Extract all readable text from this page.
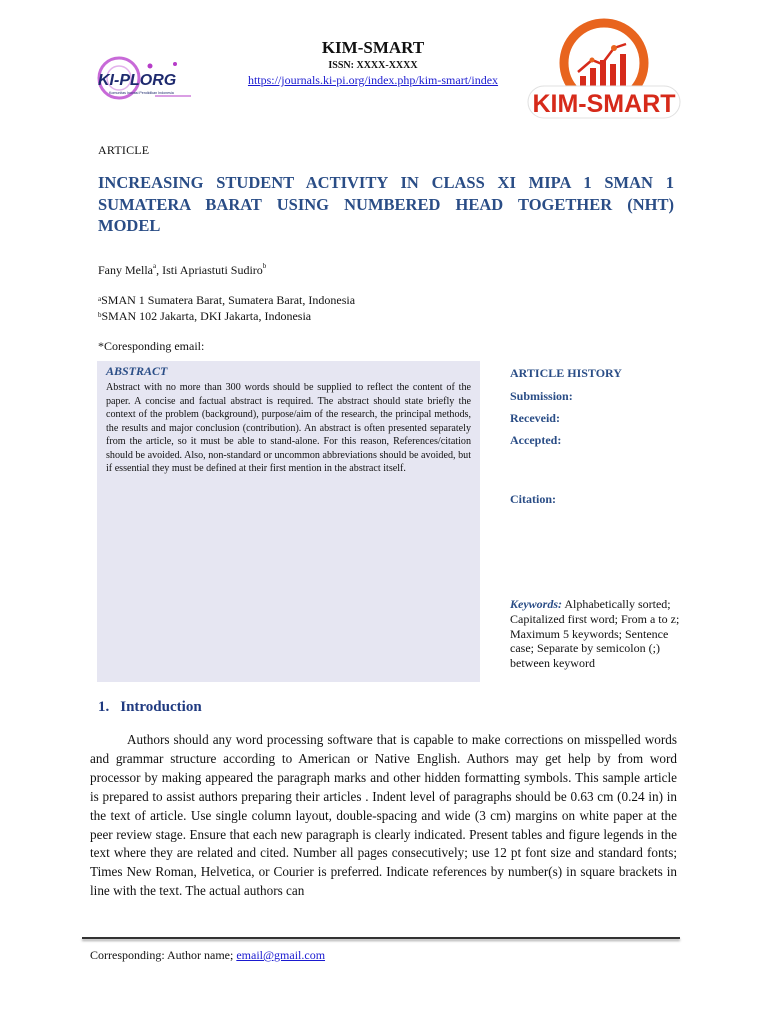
KI-PLORG
Komunitas Inovasi Pendidikan Indonesia
KIM-SMART
ISSN: XXXX-XXXX
https://journals.ki-pi.org/index.php/kim-smart/index
KIM-SMART
ARTICLE
INCREASING STUDENT ACTIVITY IN CLASS XI MIPA 1 SMAN 1 SUMATERA BARAT USING NUMBERED HEAD TOGETHER (NHT) MODEL
Fany Mella$^a$, Isti Apriastuti Sudiro$^b$
$^a$SMAN 1 Sumatera Barat, Sumatera Barat, Indonesia
$^b$SMAN 102 Jakarta, DKI Jakarta, Indonesia
*Coresponding email:
ABSTRACT
Abstract with no more than 300 words should be supplied to reflect the content of the paper. A concise and factual abstract is required. The abstract should state briefly the context of the problem (background), purpose/aim of the research, the principal methods, the results and major conclusion (contribution). An abstract is often presented separately from the article, so it must be able to stand-alone. For this reason, References/citation should be avoided. Also, non-standard or uncommon abbreviations should be avoided, but if essential they must be defined at their first mention in the abstract itself.
ARTICLE HISTORY
Submission:
Receveid:
Accepted:
Citation:
Keywords: Alphabetically sorted; Capitalized first word; From a to z; Maximum 5 keywords; Sentence case; Separate by semicolon (;) between keyword
1. Introduction

Authors should any word processing software that is capable to make corrections on misspelled words and grammar structure according to American or Native English. Authors may get help by from word processor by making appeared the paragraph marks and other hidden formatting symbols. This sample article is prepared to assist authors preparing their articles . Indent level of paragraphs should be 0.63 cm (0.24 in) in the text of article. Use single column layout, double-spacing and wide (3 cm) margins on white paper at the peer review stage. Ensure that each new paragraph is clearly indicated. Present tables and figure legends in the text where they are related and cited. Number all pages consecutively; use 12 pt font size and standard fonts; Times New Roman, Helvetica, or Courier is preferred. Indicate references by number(s) in square brackets in line with the text. The actual authors can

Corresponding: Author name; email@gmail.com
